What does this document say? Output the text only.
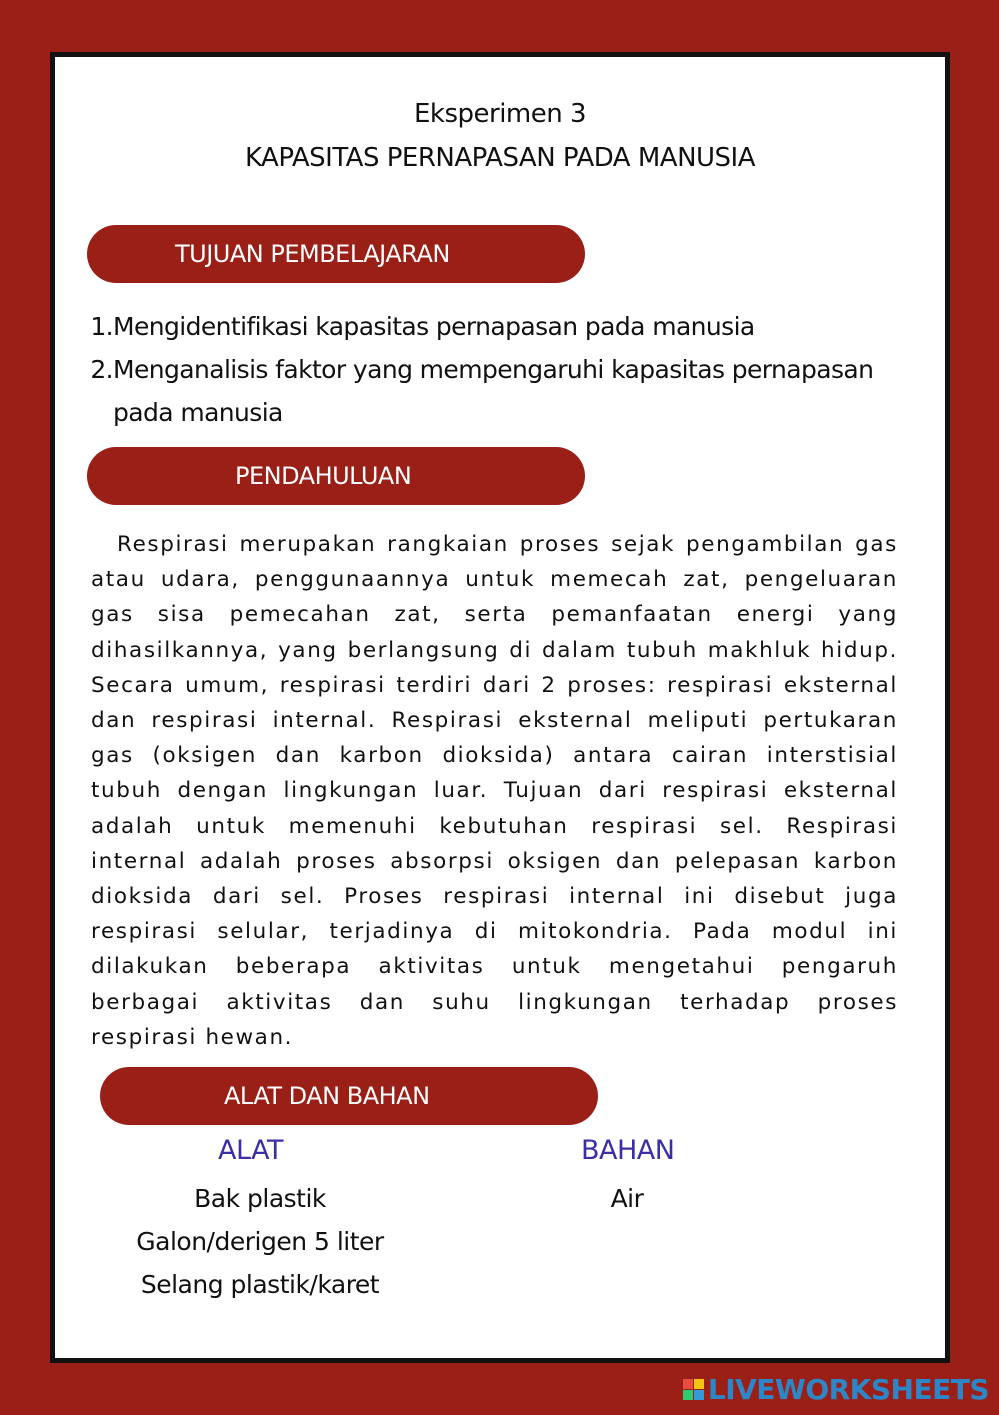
Eksperimen 3
KAPASITAS PERNAPASAN PADA MANUSIA
TUJUAN PEMBELAJARAN
1. Mengidentifikasi kapasitas pernapasan pada manusia
2. Menganalisis faktor yang mempengaruhi kapasitas pernapasan pada manusia
PENDAHULUAN

Respirasi merupakan rangkaian proses sejak pengambilan gas atau udara, penggunaannya untuk memecah zat, pengeluaran gas sisa pemecahan zat, serta pemanfaatan energi yang dihasilkannya, yang berlangsung di dalam tubuh makhluk hidup. Secara umum, respirasi terdiri dari 2 proses: respirasi eksternal dan respirasi internal. Respirasi eksternal meliputi pertukaran gas (oksigen dan karbon dioksida) antara cairan interstisial tubuh dengan lingkungan luar. Tujuan dari respirasi eksternal adalah untuk memenuhi kebutuhan respirasi sel. Respirasi internal adalah proses absorpsi oksigen dan pelepasan karbon dioksida dari sel. Proses respirasi internal ini disebut juga respirasi selular, terjadinya di mitokondria. Pada modul ini dilakukan beberapa aktivitas untuk mengetahui pengaruh berbagai aktivitas dan suhu lingkungan terhadap proses respirasi hewan.

ALAT DAN BAHAN
ALAT	BAHAN
Bak plastik
Galon/derigen 5 liter
Selang plastik/karet
Air
LIVEWORKSHEETS
